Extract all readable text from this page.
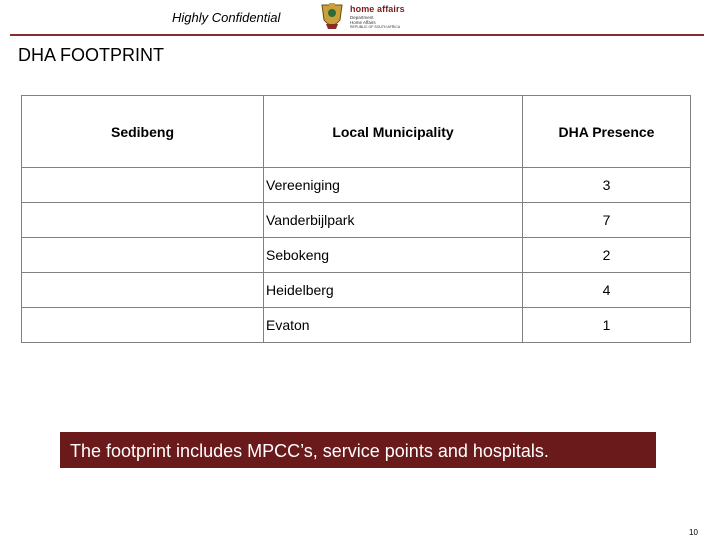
Highly Confidential
home affairs
Department
Home Affairs
REPUBLIC OF SOUTH AFRICA
DHA FOOTPRINT
Sedibeng	Local Municipality	DHA Presence
	Vereeniging	3
	Vanderbijlpark	7
	Sebokeng	2
	Heidelberg	4
	Evaton	1
The footprint includes MPCC’s, service points and hospitals.
10
